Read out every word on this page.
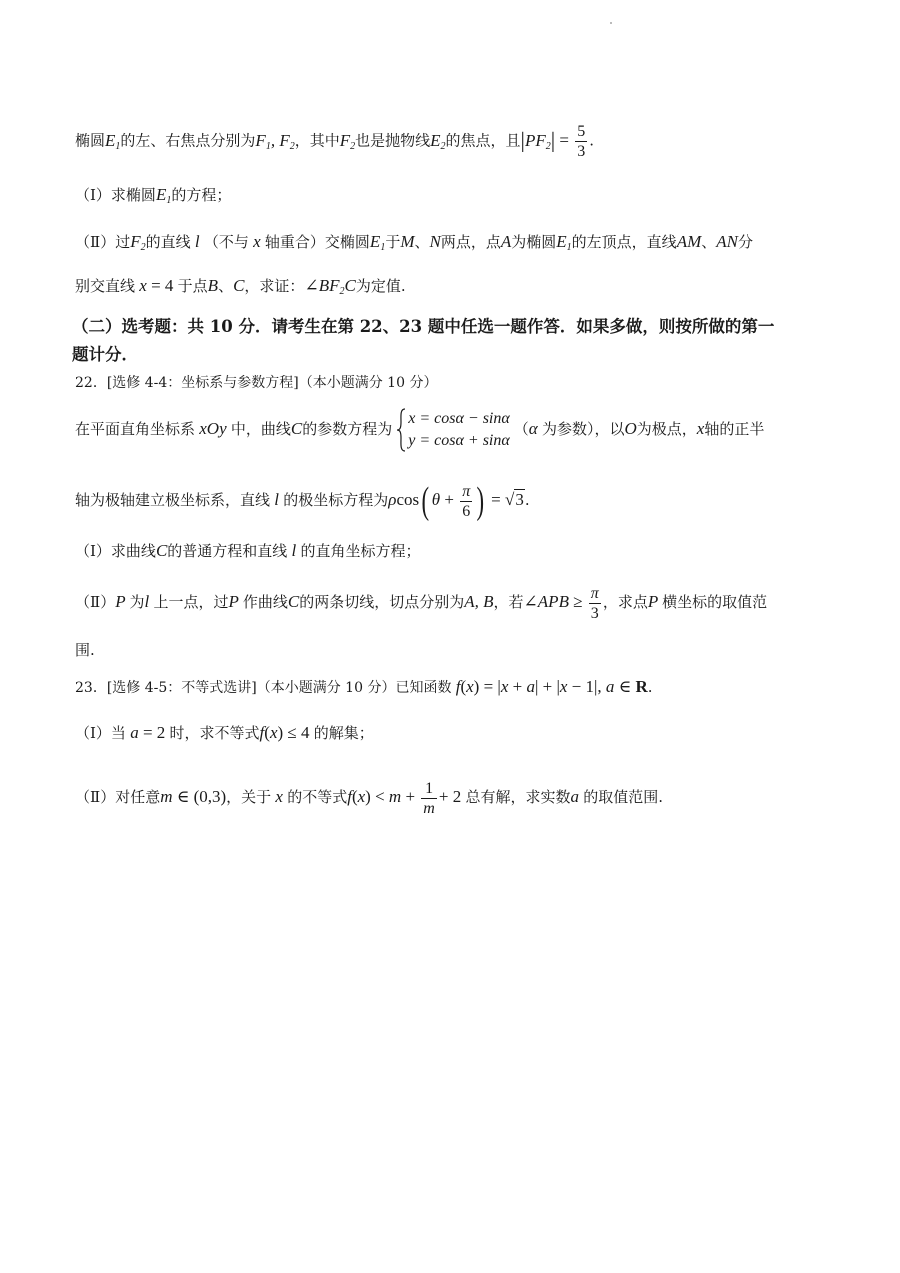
椭圆$E_1$的左、右焦点分别为$F_1$, $F_2$，其中$F_2$也是抛物线$E_2$的焦点，且$|PF_2| = \frac{5}{3}$ .
（Ⅰ）求椭圆$E_1$的方程；
（Ⅱ）过$F_2$的直线 l （不与 x 轴重合）交椭圆$E_1$于M、N两点，点A为椭圆$E_1$的左顶点，直线AM、AN分
别交直线 x = 4 于点B、C，求证：$\angle BF_2C$为定值.
（二）选考题：共 10 分．请考生在第 22、23 题中任选一题作答．如果多做，则按所做的第一
题计分．
22．[选修 4-4：坐标系与参数方程]（本小题满分 10 分）
在平面直角坐标系 xOy 中，曲线C的参数方程为
x = cosα − sinα
y = cosα + sinα
（α 为参数），以O为极点，x轴的正半
轴为极轴建立极坐标系，直线 l 的极坐标方程为ρcos( $\theta + \frac{\pi}{6}$ ) = √3.
（Ⅰ）求曲线C的普通方程和直线 l 的直角坐标方程；
（Ⅱ）P 为l 上一点，过P 作曲线C的两条切线，切点分别为A, B，若∠APB ≥ $\frac{\pi}{3}$ ，求点P 横坐标的取值范
围.
23．[选修 4-5：不等式选讲]（本小题满分 10 分）已知函数 f(x) = |x + a| + |x − 1|, a ∈ R.
（Ⅰ）当 a = 2 时，求不等式f(x) ≤ 4 的解集；
（Ⅱ）对任意m ∈ (0,3)，关于 x 的不等式$f(x) < m + \frac{1}{m} + 2$ 总有解，求实数a 的取值范围.
